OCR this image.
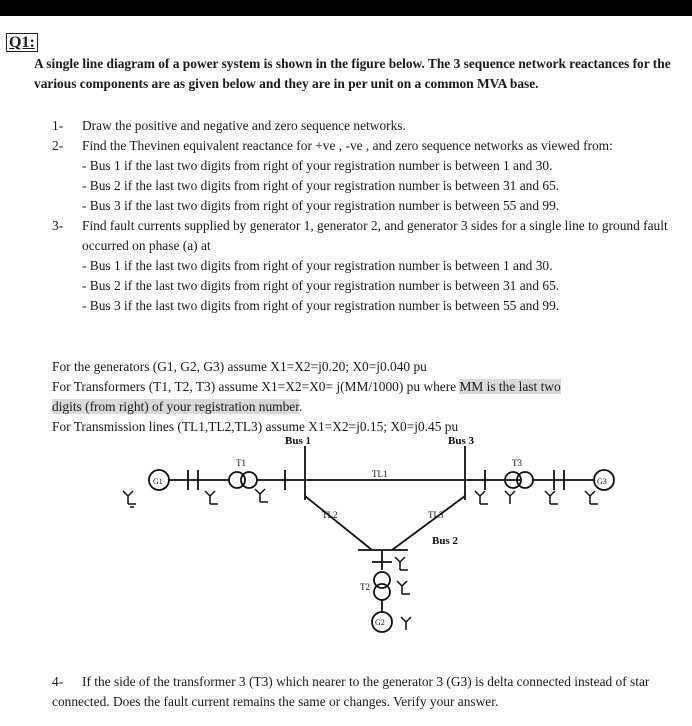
Q1:

A single line diagram of a power system is shown in the figure below. The 3 sequence network reactances for the various components are as given below and they are in per unit on a common MVA base.

1- Draw the positive and negative and zero sequence networks.
2- Find the Thevinen equivalent reactance for +ve , -ve , and zero sequence networks as viewed from:

- Bus 1 if the last two digits from right of your registration number is between 1 and 30.

- Bus 2 if the last two digits from right of your registration number is between 31 and 65.

- Bus 3 if the last two digits from right of your registration number is between 55 and 99.

3- Find fault currents supplied by generator 1, generator 2, and generator 3 sides for a single line to ground fault occurred on phase (a) at

- Bus 1 if the last two digits from right of your registration number is between 1 and 30.

- Bus 2 if the last two digits from right of your registration number is between 31 and 65.

- Bus 3 if the last two digits from right of your registration number is between 55 and 99.

For the generators (G1, G2, G3) assume X1=X2=j0.20; X0=j0.040 pu

For Transformers (T1, T2, T3) assume X1=X2=X0= j(MM/1000) pu where MM is the last two
digits (from right) of your registration number.

For Transmission lines (TL1,TL2,TL3) assume X1=X2=j0.15; X0=j0.45 pu

Bus 1	Bus 3
Bus 2
G1
G2
G3
T1
T2
T3
TL1
TL2	TL3
4-	If the side of the transformer 3 (T3) which nearer to the generator 3 (G3) is delta connected instead of star connected. Does the fault current remains the same or changes. Verify your answer.
